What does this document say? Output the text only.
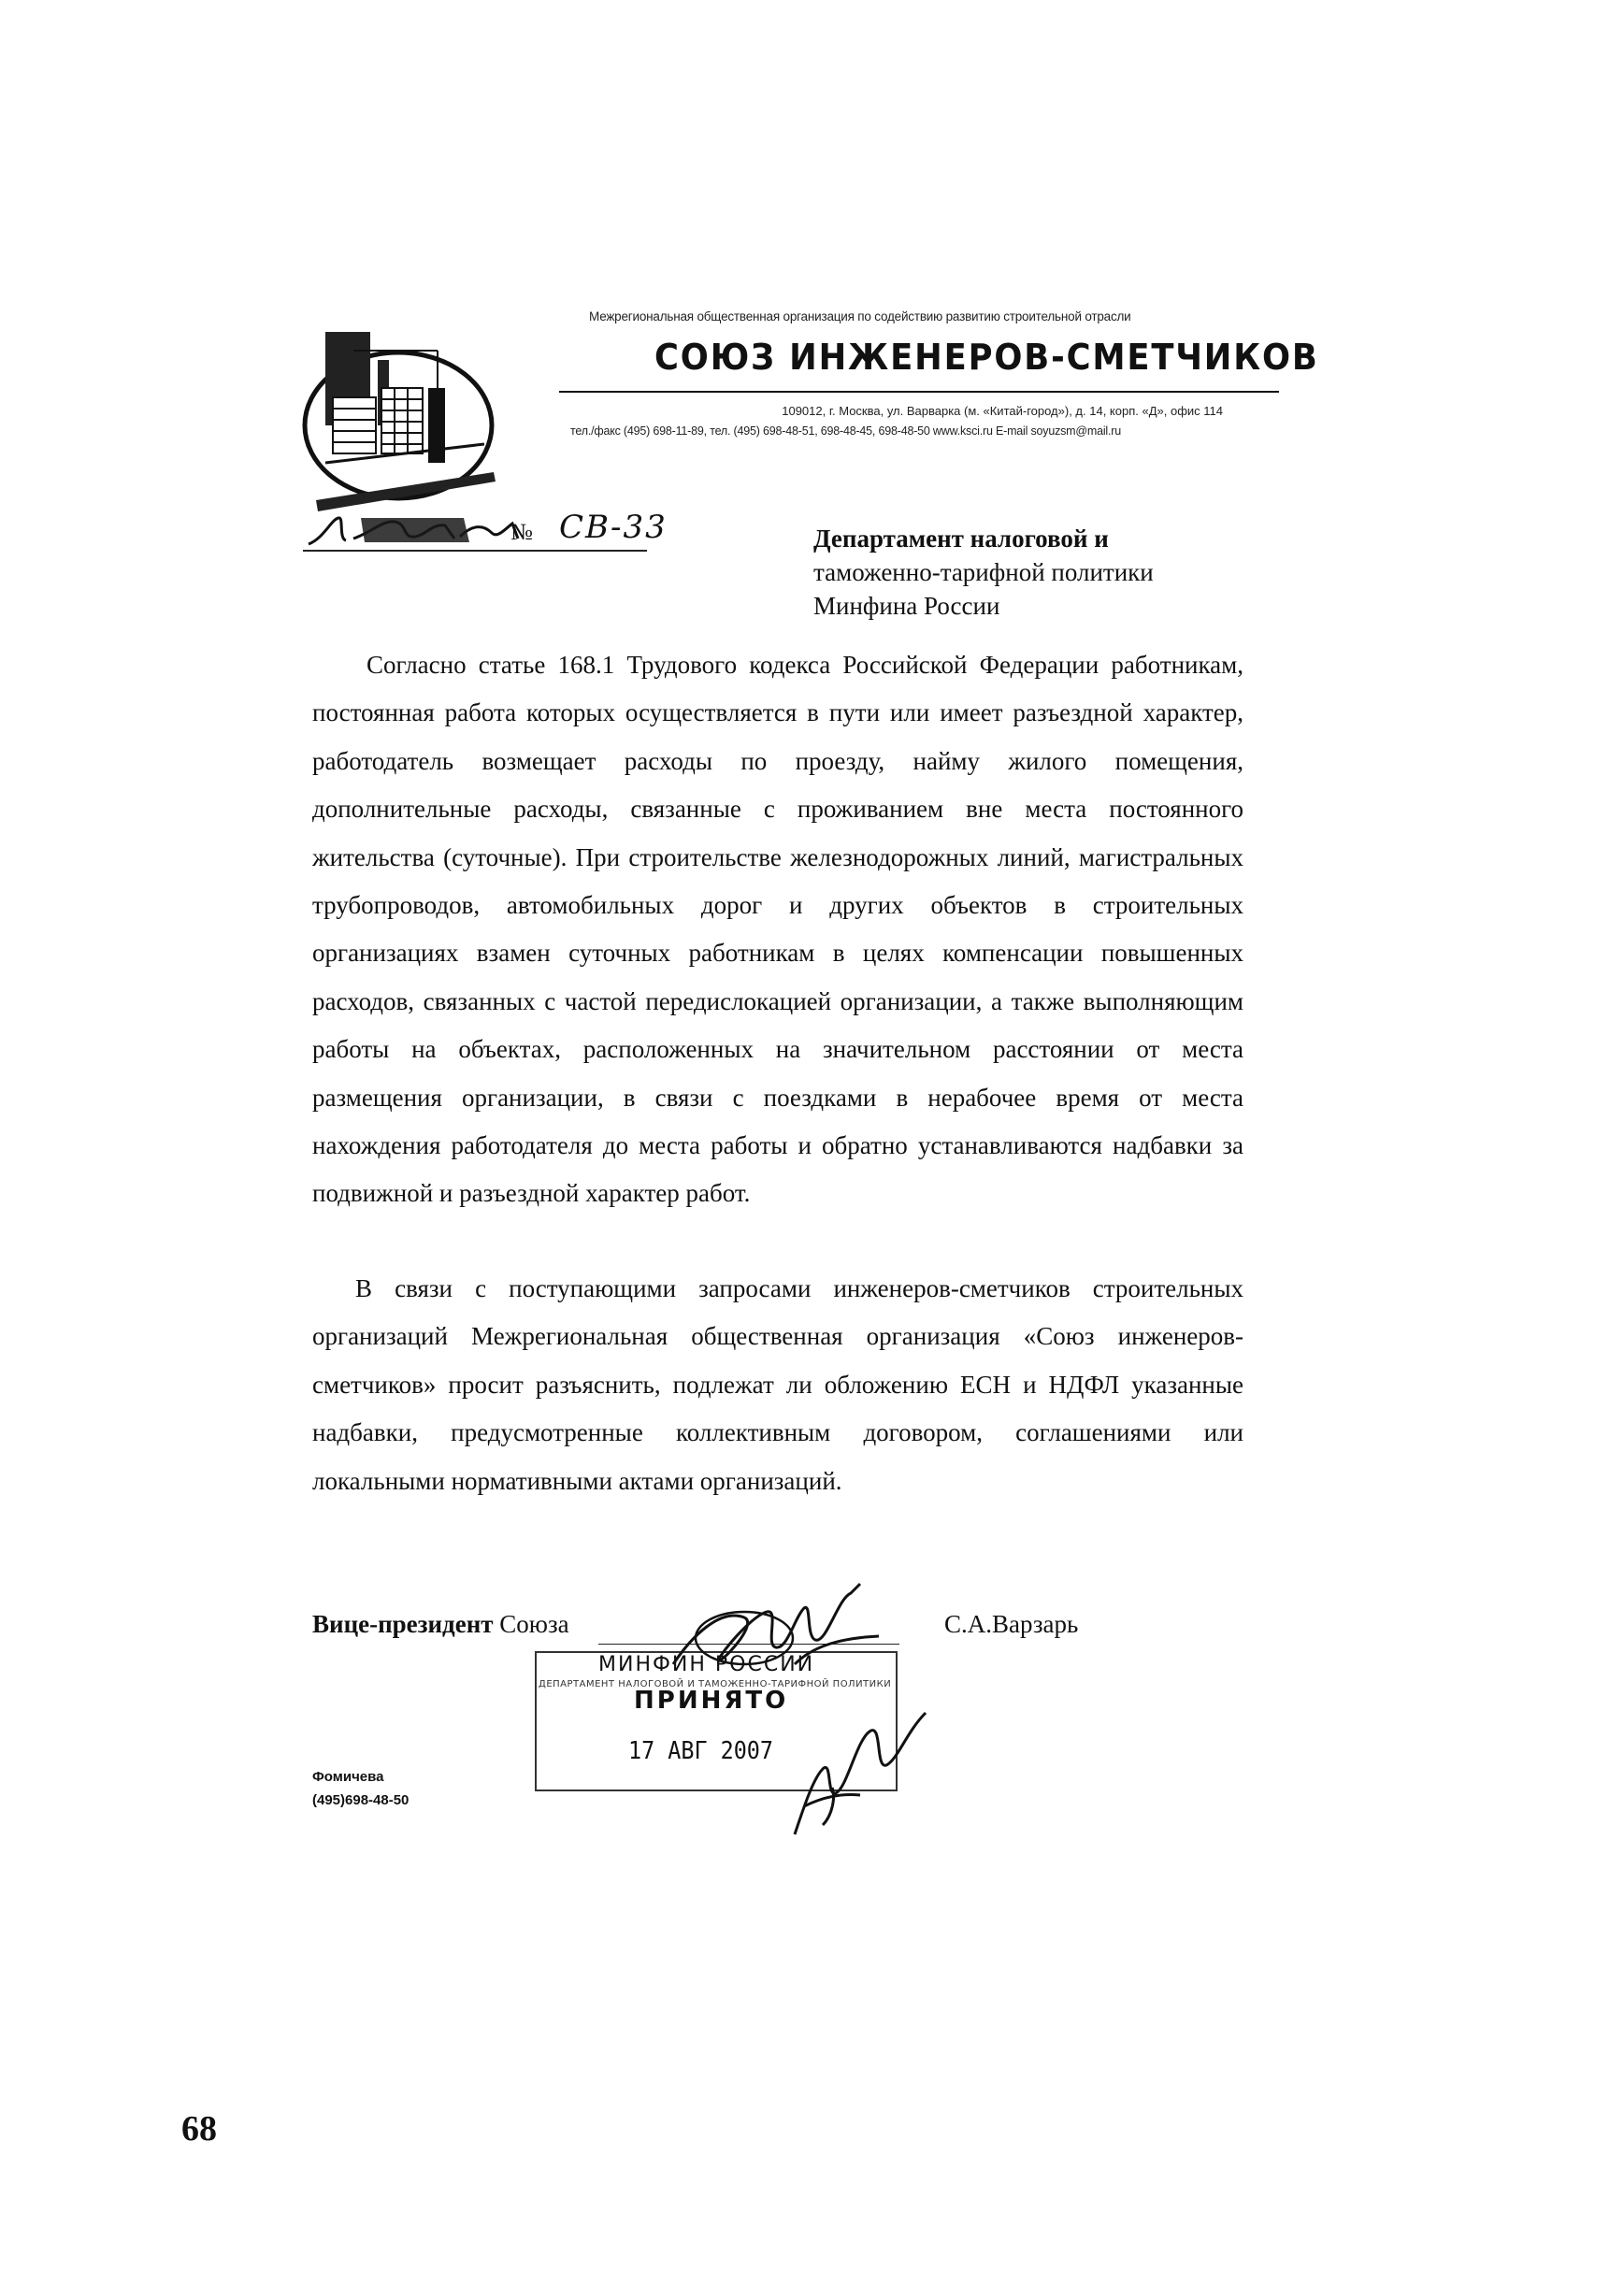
Межрегиональная общественная организация по содействию развитию строительной отрасли
СОЮЗ ИНЖЕНЕРОВ-СМЕТЧИКОВ
109012, г. Москва, ул. Варварка (м. «Китай-город»), д. 14, корп. «Д», офис 114
тел./факс (495) 698-11-89, тел. (495) 698-48-51, 698-48-45, 698-48-50 www.ksci.ru E-mail soyuzsm@mail.ru
№ СВ-33	Департамент налоговой и
таможенно-тарифной политики
Минфина России
Согласно статье 168.1 Трудового кодекса Российской Федерации работникам, постоянная работа которых осуществляется в пути или имеет разъездной характер, работодатель возмещает расходы по проезду, найму жилого помещения, дополнительные расходы, связанные с проживанием вне места постоянного жительства (суточные). При строительстве железнодорожных линий, магистральных трубопроводов, автомобильных дорог и других объектов в строительных организациях взамен суточных работникам в целях компенсации повышенных расходов, связанных с частой передислокацией организации, а также выполняющим работы на объектах, расположенных на значительном расстоянии от места размещения организации, в связи с поездками в нерабочее время от места нахождения работодателя до места работы и обратно устанавливаются надбавки за подвижной и разъездной характер работ.
В связи с поступающими запросами инженеров-сметчиков строительных организаций Межрегиональная общественная организация «Союз инженеров-сметчиков» просит разъяснить, подлежат ли обложению ЕСН и НДФЛ указанные надбавки, предусмотренные коллективным договором, соглашениями или локальными нормативными актами организаций.
Вице-президент Союза	С.А.Варзарь
МИНФИН РОССИИ
ДЕПАРТАМЕНТ НАЛОГОВОЙ И ТАМОЖЕННО-ТАРИФНОЙ ПОЛИТИКИ
ПРИНЯТО
17 АВГ 2007
Фомичева
(495)698-48-50
68
